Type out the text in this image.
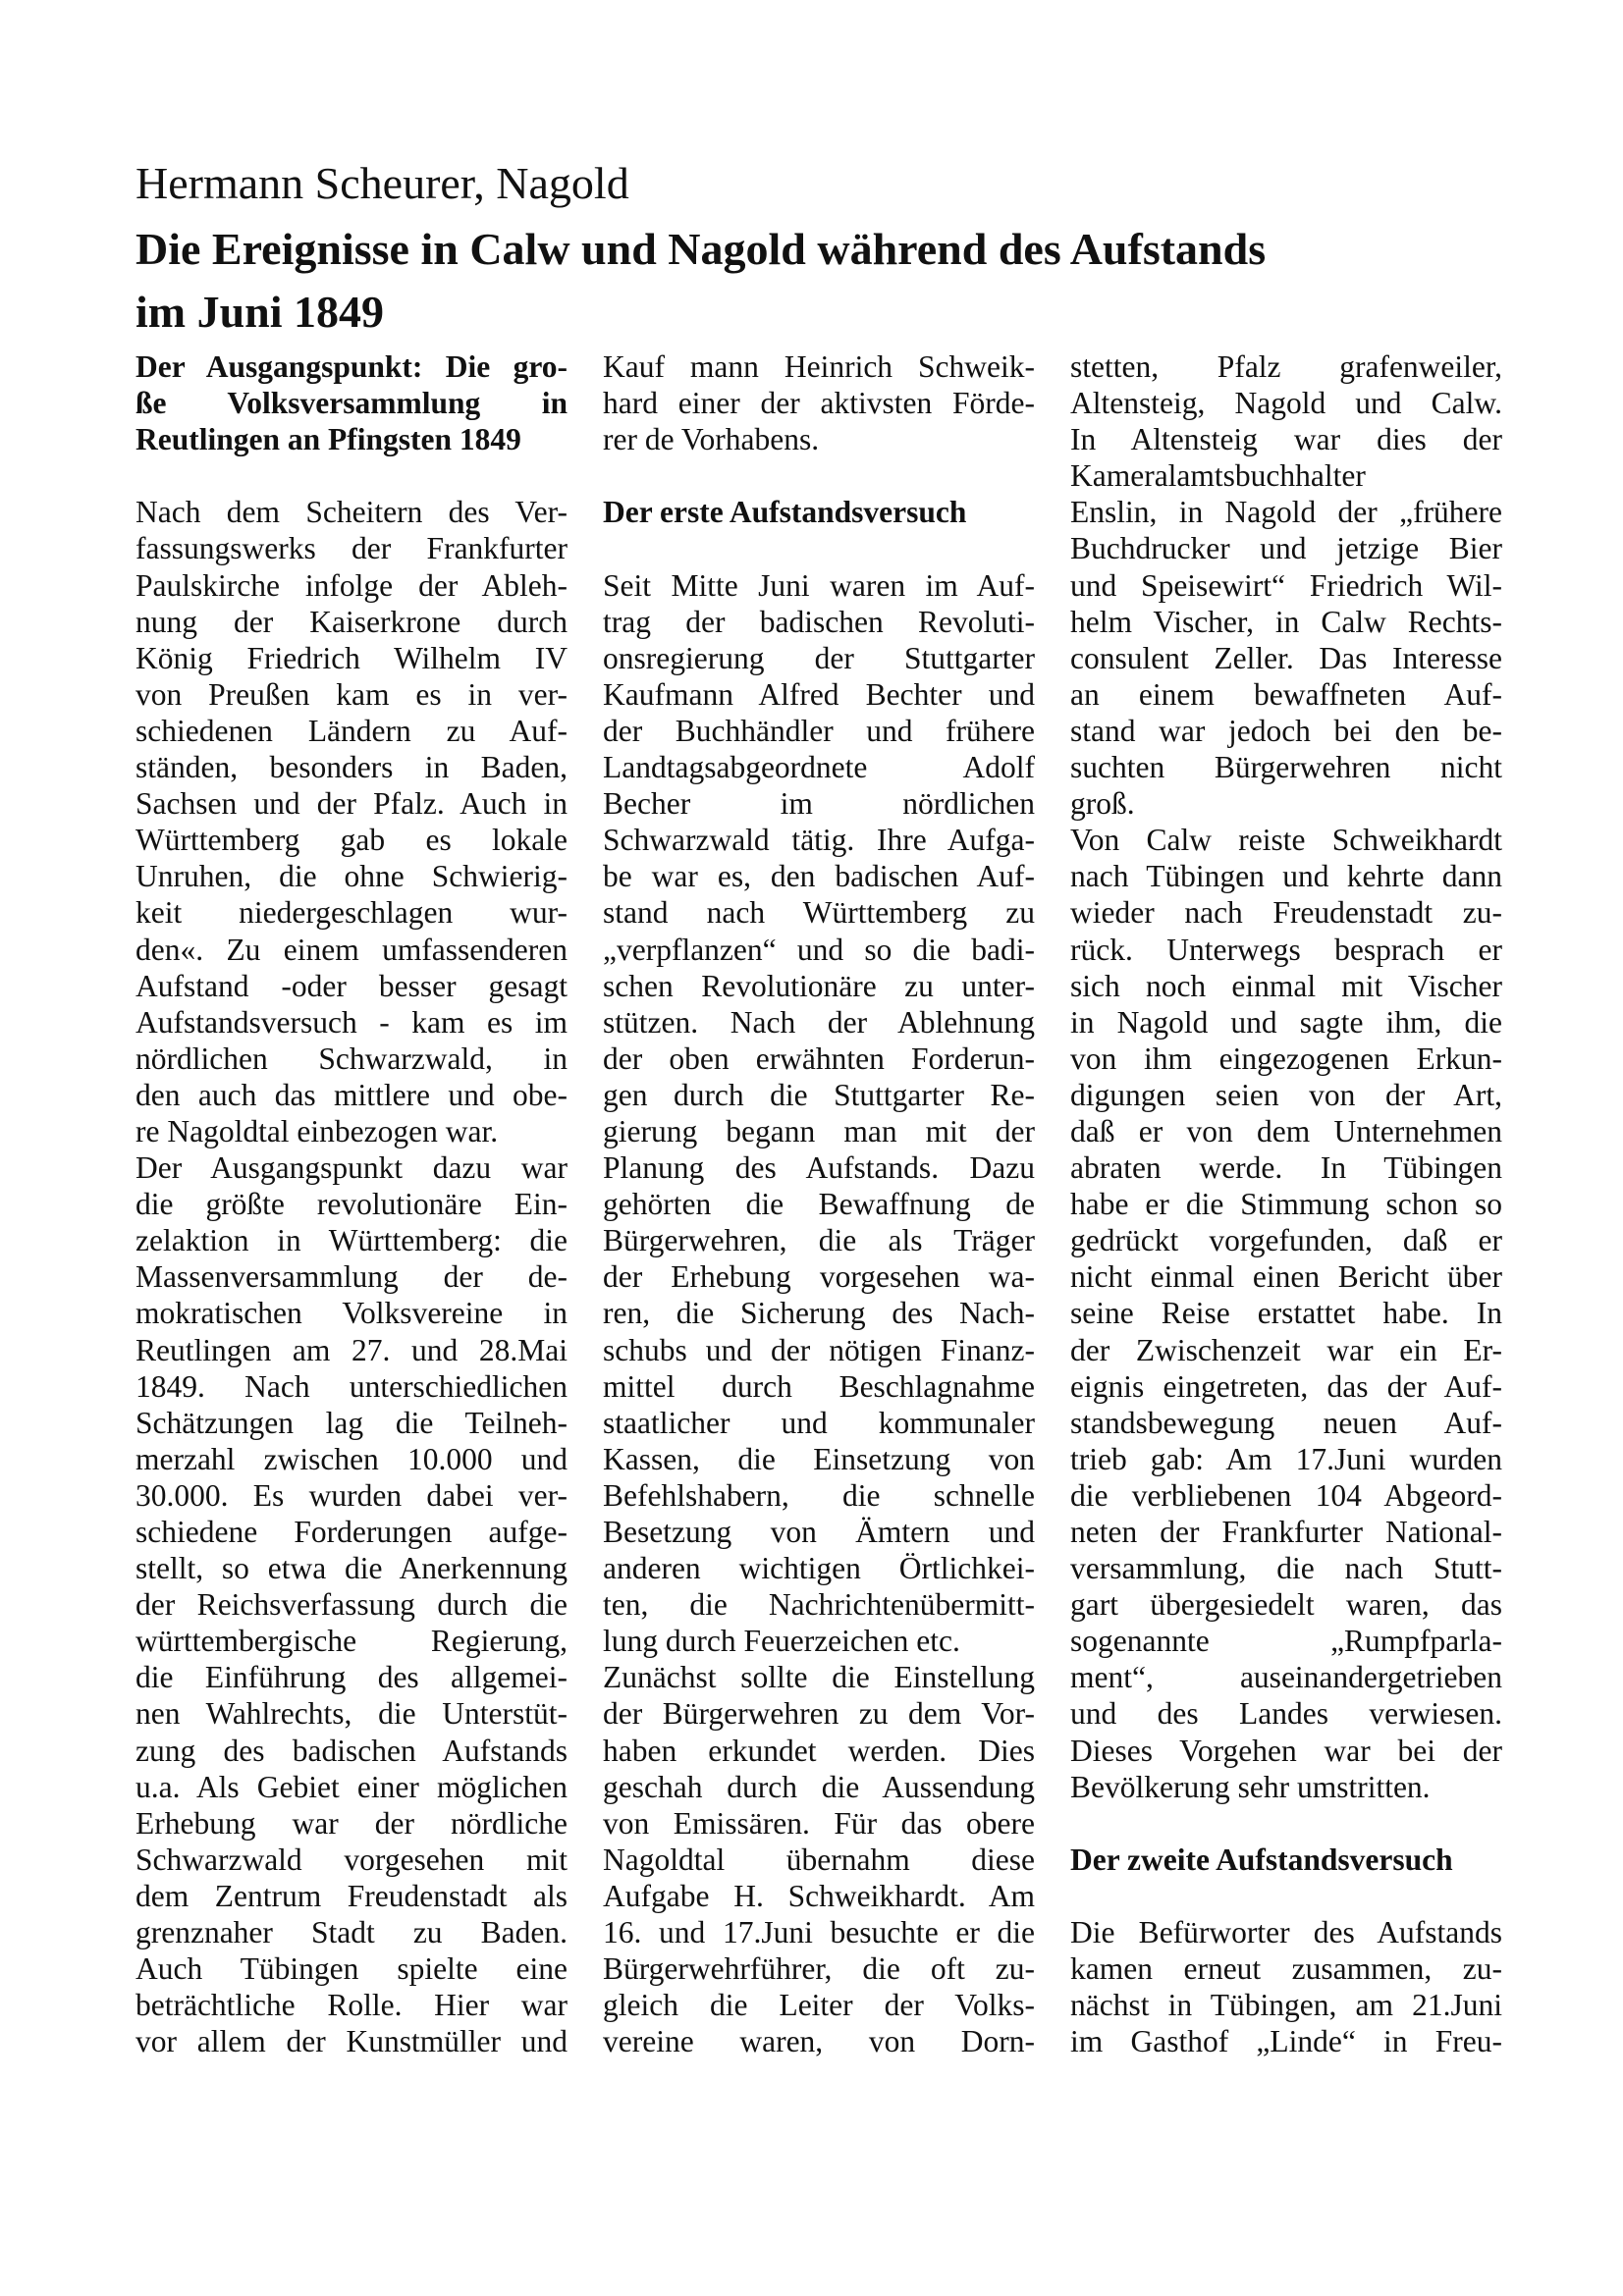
Hermann Scheurer, Nagold
Die Ereignisse in Calw und Nagold während des Aufstands
im Juni 1849
Der Ausgangspunkt: Die gro-
ße Volksversammlung in
Reutlingen an Pfingsten 1849
Nach dem Scheitern des Ver-
fassungswerks der Frankfurter
Paulskirche infolge der Ableh-
nung der Kaiserkrone durch
König Friedrich Wilhelm IV
von Preußen kam es in ver-
schiedenen Ländern zu Auf-
ständen, besonders in Baden,
Sachsen und der Pfalz. Auch in
Württemberg gab es lokale
Unruhen, die ohne Schwierig-
keit niedergeschlagen wur-
den«. Zu einem umfassenderen
Aufstand -oder besser gesagt
Aufstandsversuch - kam es im
nördlichen Schwarzwald, in
den auch das mittlere und obe-
re Nagoldtal einbezogen war.
Der Ausgangspunkt dazu war
die größte revolutionäre Ein-
zelaktion in Württemberg: die
Massenversammlung der de-
mokratischen Volksvereine in
Reutlingen am 27. und 28.Mai
1849. Nach unterschiedlichen
Schätzungen lag die Teilneh-
merzahl zwischen 10.000 und
30.000. Es wurden dabei ver-
schiedene Forderungen aufge-
stellt, so etwa die Anerkennung
der Reichsverfassung durch die
württembergische Regierung,
die Einführung des allgemei-
nen Wahlrechts, die Unterstüt-
zung des badischen Aufstands
u.a. Als Gebiet einer möglichen
Erhebung war der nördliche
Schwarzwald vorgesehen mit
dem Zentrum Freudenstadt als
grenznaher Stadt zu Baden.
Auch Tübingen spielte eine
beträchtliche Rolle. Hier war
vor allem der Kunstmüller und
Kauf mann Heinrich Schweik-
hard einer der aktivsten Förde-
rer de Vorhabens.
Der erste Aufstandsversuch
Seit Mitte Juni waren im Auf-
trag der badischen Revoluti-
onsregierung der Stuttgarter
Kaufmann Alfred Bechter und
der Buchhändler und frühere
Landtagsabgeordnete Adolf
Becher im nördlichen
Schwarzwald tätig. Ihre Aufga-
be war es, den badischen Auf-
stand nach Württemberg zu
„verpflanzen“ und so die badi-
schen Revolutionäre zu unter-
stützen. Nach der Ablehnung
der oben erwähnten Forderun-
gen durch die Stuttgarter Re-
gierung begann man mit der
Planung des Aufstands. Dazu
gehörten die Bewaffnung de
Bürgerwehren, die als Träger
der Erhebung vorgesehen wa-
ren, die Sicherung des Nach-
schubs und der nötigen Finanz-
mittel durch Beschlagnahme
staatlicher und kommunaler
Kassen, die Einsetzung von
Befehlshabern, die schnelle
Besetzung von Ämtern und
anderen wichtigen Örtlichkei-
ten, die Nachrichtenübermitt-
lung durch Feuerzeichen etc.
Zunächst sollte die Einstellung
der Bürgerwehren zu dem Vor-
haben erkundet werden. Dies
geschah durch die Aussendung
von Emissären. Für das obere
Nagoldtal übernahm diese
Aufgabe H. Schweikhardt. Am
16. und 17.Juni besuchte er die
Bürgerwehrführer, die oft zu-
gleich die Leiter der Volks-
vereine waren, von Dorn-
stetten, Pfalz grafenweiler,
Altensteig, Nagold und Calw.
In Altensteig war dies der
Kameralamtsbuchhalter
Enslin, in Nagold der „frühere
Buchdrucker und jetzige Bier
und Speisewirt“ Friedrich Wil-
helm Vischer, in Calw Rechts-
consulent Zeller. Das Interesse
an einem bewaffneten Auf-
stand war jedoch bei den be-
suchten Bürgerwehren nicht
groß.
Von Calw reiste Schweikhardt
nach Tübingen und kehrte dann
wieder nach Freudenstadt zu-
rück. Unterwegs besprach er
sich noch einmal mit Vischer
in Nagold und sagte ihm, die
von ihm eingezogenen Erkun-
digungen seien von der Art,
daß er von dem Unternehmen
abraten werde. In Tübingen
habe er die Stimmung schon so
gedrückt vorgefunden, daß er
nicht einmal einen Bericht über
seine Reise erstattet habe. In
der Zwischenzeit war ein Er-
eignis eingetreten, das der Auf-
standsbewegung neuen Auf-
trieb gab: Am 17.Juni wurden
die verbliebenen 104 Abgeord-
neten der Frankfurter National-
versammlung, die nach Stutt-
gart übergesiedelt waren, das
sogenannte „Rumpfparla-
ment“, auseinandergetrieben
und des Landes verwiesen.
Dieses Vorgehen war bei der
Bevölkerung sehr umstritten.
Der zweite Aufstandsversuch
Die Befürworter des Aufstands
kamen erneut zusammen, zu-
nächst in Tübingen, am 21.Juni
im Gasthof „Linde“ in Freu-
